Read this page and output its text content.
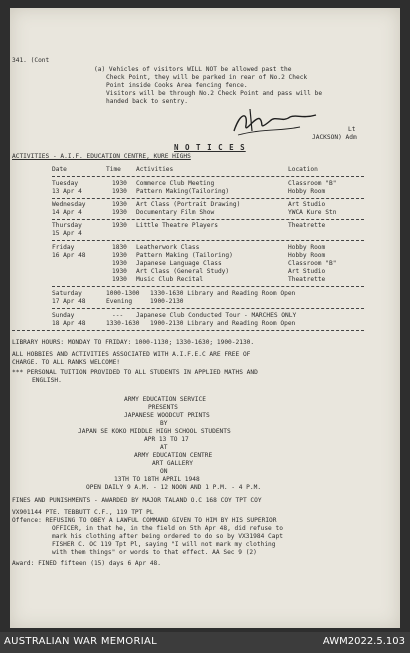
341. (Cont
(a) Vehicles of visitors WILL NOT be allowed past the
Check Point, they will be parked in rear of No.2 Check
Point inside Cooks Area fencing fence.
Visitors will be through No.2 Check Point and pass will be
handed back to sentry.
Lt
JACKSON) Adm
N O T I C E S
ACTIVITIES - A.I.F. EDUCATION CENTRE, KURE HIGHS
Date	Time Activities	Location
Tuesday	1930 Commerce Club Meeting	Classroom "B"
13 Apr 4	1930 Pattern Making(Tailoring)	Hobby Room
Wednesday	1930 Art Class (Portrait Drawing)	Art Studio
14 Apr 4	1930 Documentary Film Show	YWCA Kure Stn
Thursday	1930 Little Theatre Players	Theatrette
15 Apr 4
Friday	1830 Leatherwork Class	Hobby Room
16 Apr 48	1930 Pattern Making (Tailoring)	Hobby Room
1930 Japanese Language Class	Classroom "B"
1930 Art Class (General Study)	Art Studio
1930 Music Club Recital	Theatrette
Saturday	1000-1300 1330-1630 Library and Reading Room Open
17 Apr 48	Evening	1900-2130
Sunday	--- Japanese Club Conducted Tour - MARCHES ONLY
18 Apr 48	1330-1630 1900-2130 Library and Reading Room Open
LIBRARY HOURS: MONDAY TO FRIDAY: 1000-1130; 1330-1630; 1900-2130.
ALL HOBBIES AND ACTIVITIES ASSOCIATED WITH A.I.F.E.C ARE FREE OF
CHARGE. TO ALL RANKS WELCOME!
*** PERSONAL TUITION PROVIDED TO ALL STUDENTS IN APPLIED MATHS AND
ENGLISH.
ARMY EDUCATION SERVICE
PRESENTS
JAPANESE WOODCUT PRINTS
BY
JAPAN SE KOKO MIDDLE HIGH SCHOOL STUDENTS
APR 13 TO 17
AT
ARMY EDUCATION CENTRE
ART GALLERY
ON
13TH TO 18TH APRIL 1948
OPEN DAILY 9 A.M. - 12 NOON AND 1 P.M. - 4 P.M.
FINES AND PUNISHMENTS - AWARDED BY MAJOR TALAND O.C 168 COY TPT COY
VX901144 PTE. TEBBUTT C.F., 119 TPT PL
Offence: REFUSING TO OBEY A LAWFUL COMMAND GIVEN TO HIM BY HIS SUPERIOR
OFFICER, in that he, in the field on 5th Apr 48, did refuse to
mark his clothing after being ordered to do so by VX31984 Capt
FISHER C. OC 119 Tpt Pl, saying "I will not mark my clothing
with them things" or words to that effect. AA Sec 9 (2)
Award: FINED fifteen (15) days 6 Apr 48.
AUSTRALIAN WAR MEMORIAL	AWM2022.5.103
